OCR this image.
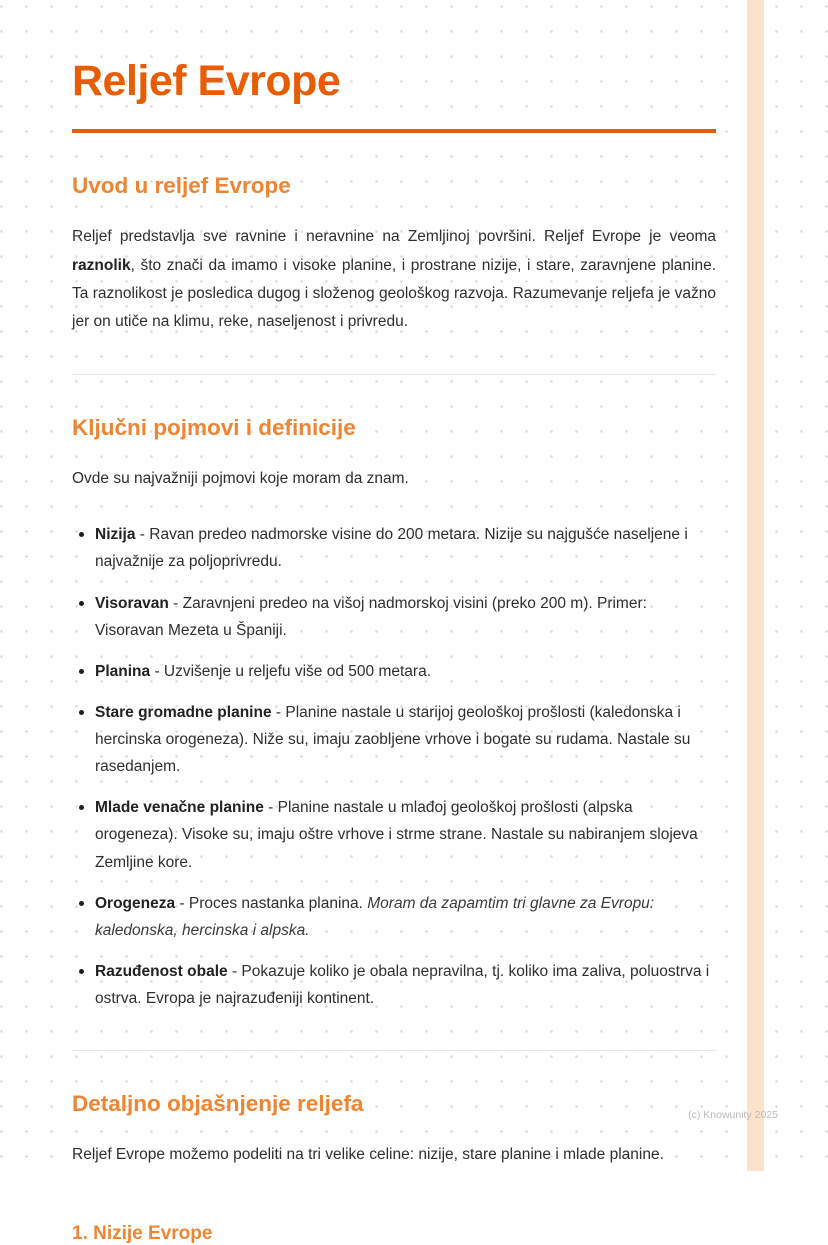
Reljef Evrope
Uvod u reljef Evrope

Reljef predstavlja sve ravnine i neravnine na Zemljinoj površini. Reljef Evrope je veoma raznolik, što znači da imamo i visoke planine, i prostrane nizije, i stare, zaravnjene planine. Ta raznolikost je posledica dugog i složenog geološkog razvoja. Razumevanje reljefa je važno jer on utiče na klimu, reke, naseljenost i privredu.

Ključni pojmovi i definicije

Ovde su najvažniji pojmovi koje moram da znam.

Nizija - Ravan predeo nadmorske visine do 200 metara. Nizije su najgušće naseljene i najvažnije za poljoprivredu.
Visoravan - Zaravnjeni predeo na višoj nadmorskoj visini (preko 200 m). Primer: Visoravan Mezeta u Španiji.
Planina - Uzvišenje u reljefu više od 500 metara.
Stare gromadne planine - Planine nastale u starijoj geološkoj prošlosti (kaledonska i hercinska orogeneza). Niže su, imaju zaobljene vrhove i bogate su rudama. Nastale su rasedanjem.
Mlade venačne planine - Planine nastale u mlađoj geološkoj prošlosti (alpska orogeneza). Visoke su, imaju oštre vrhove i strme strane. Nastale su nabiranjem slojeva Zemljine kore.
Orogeneza - Proces nastanka planina. Moram da zapamtim tri glavne za Evropu: kaledonska, hercinska i alpska.
Razuđenost obale - Pokazuje koliko je obala nepravilna, tj. koliko ima zaliva, poluostrva i ostrva. Evropa je najrazuđeniji kontinent.
Detaljno objašnjenje reljefa

Reljef Evrope možemo podeliti na tri velike celine: nizije, stare planine i mlade planine.

1. Nizije Evrope
(c) Knowunity 2025
